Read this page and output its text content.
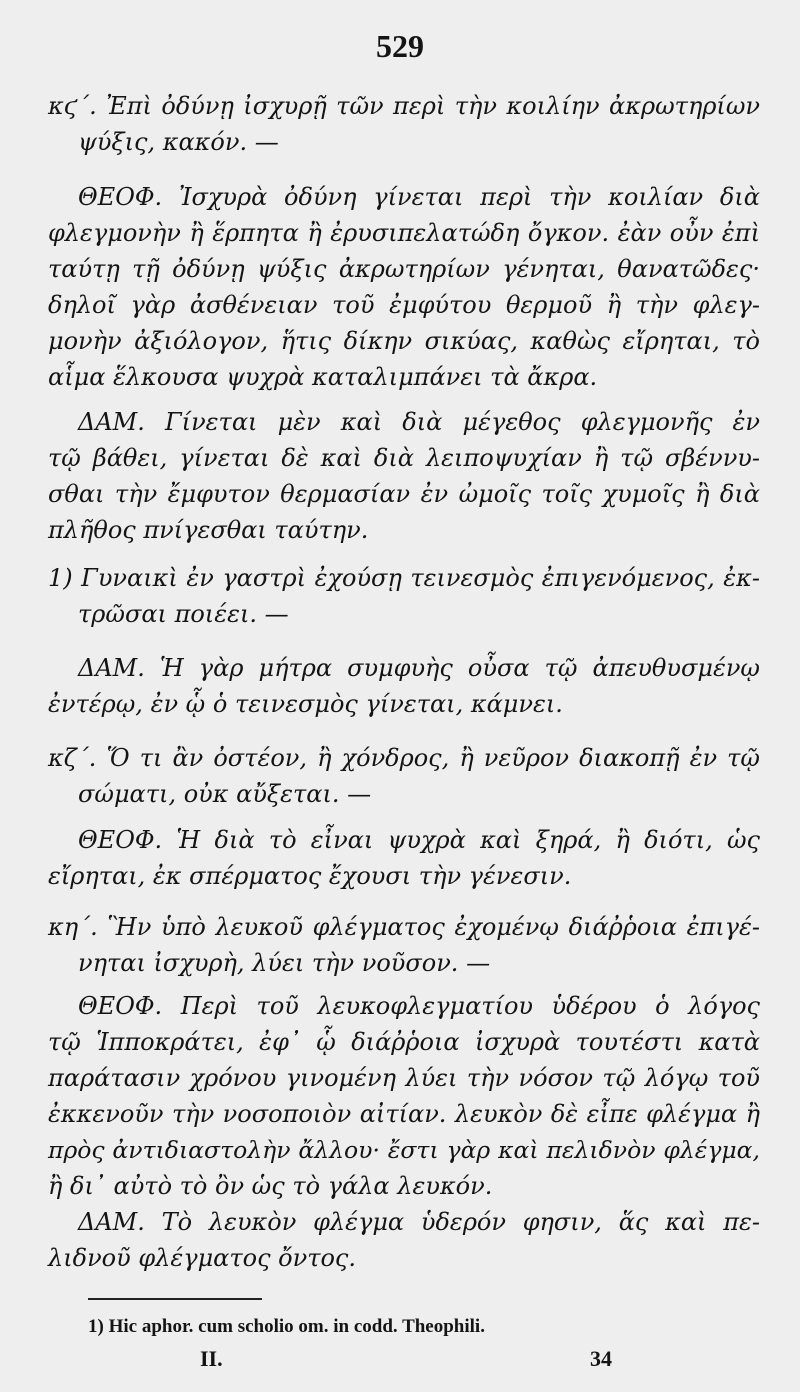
529
κϛ´. Ἐπὶ ὀδύνῃ ἰσχυρῇ τῶν περὶ τὴν κοιλίην ἀκρωτηρίων
ψύξις, κακόν. —
ΘΕΟΦ. Ἰσχυρὰ ὀδύνη γίνεται περὶ τὴν κοιλίαν διὰ
φλεγμονὴν ἢ ἕρπητα ἢ ἐρυσιπελατώδη ὄγκον. ἐὰν οὖν ἐπὶ
ταύτῃ τῇ ὀδύνῃ ψύξις ἀκρωτηρίων γένηται, θανατῶδες·
δηλοῖ γὰρ ἀσθένειαν τοῦ ἐμφύτου θερμοῦ ἢ τὴν φλεγ-
μονὴν ἀξιόλογον, ἥτις δίκην σικύας, καθὼς εἴρηται, τὸ
αἷμα ἕλκουσα ψυχρὰ καταλιμπάνει τὰ ἄκρα.
ΔΑΜ. Γίνεται μὲν καὶ διὰ μέγεθος φλεγμονῆς ἐν
τῷ βάθει, γίνεται δὲ καὶ διὰ λειποψυχίαν ἢ τῷ σβέννυ-
σθαι τὴν ἔμφυτον θερμασίαν ἐν ὠμοῖς τοῖς χυμοῖς ἢ διὰ
πλῆθος πνίγεσθαι ταύτην.
1) Γυναικὶ ἐν γαστρὶ ἐχούσῃ τεινεσμὸς ἐπιγενόμενος, ἐκ-
τρῶσαι ποιέει. —
ΔΑΜ. Ἡ γὰρ μήτρα συμφυὴς οὖσα τῷ ἀπευθυσμένῳ
ἐντέρῳ, ἐν ᾧ ὁ τεινεσμὸς γίνεται, κάμνει.
κζ´. Ὅ τι ἂν ὀστέον, ἢ χόνδρος, ἢ νεῦρον διακοπῇ ἐν τῷ
σώματι, οὐκ αὔξεται. —
ΘΕΟΦ. Ἡ διὰ τὸ εἶναι ψυχρὰ καὶ ξηρά, ἢ διότι, ὡς
εἴρηται, ἐκ σπέρματος ἔχουσι τὴν γένεσιν.
κη´. Ἣν ὑπὸ λευκοῦ φλέγματος ἐχομένῳ διάῤῥοια ἐπιγέ-
νηται ἰσχυρὴ, λύει τὴν νοῦσον. —
ΘΕΟΦ. Περὶ τοῦ λευκοφλεγματίου ὑδέρου ὁ λόγος
τῷ Ἱπποκράτει, ἐφ᾽ ᾧ διάῤῥοια ἰσχυρὰ τουτέστι κατὰ
παράτασιν χρόνου γινομένη λύει τὴν νόσον τῷ λόγῳ τοῦ
ἐκκενοῦν τὴν νοσοποιὸν αἰτίαν. λευκὸν δὲ εἶπε φλέγμα ἢ
πρὸς ἀντιδιαστολὴν ἄλλου· ἔστι γὰρ καὶ πελιδνὸν φλέγμα,
ἢ δι᾽ αὐτὸ τὸ ὂν ὡς τὸ γάλα λευκόν.
ΔΑΜ. Τὸ λευκὸν φλέγμα ὑδερόν φησιν, ἅς καὶ πε-
λιδνοῦ φλέγματος ὄντος.
1) Hic aphor. cum scholio om. in codd. Theophili.
II.	34
